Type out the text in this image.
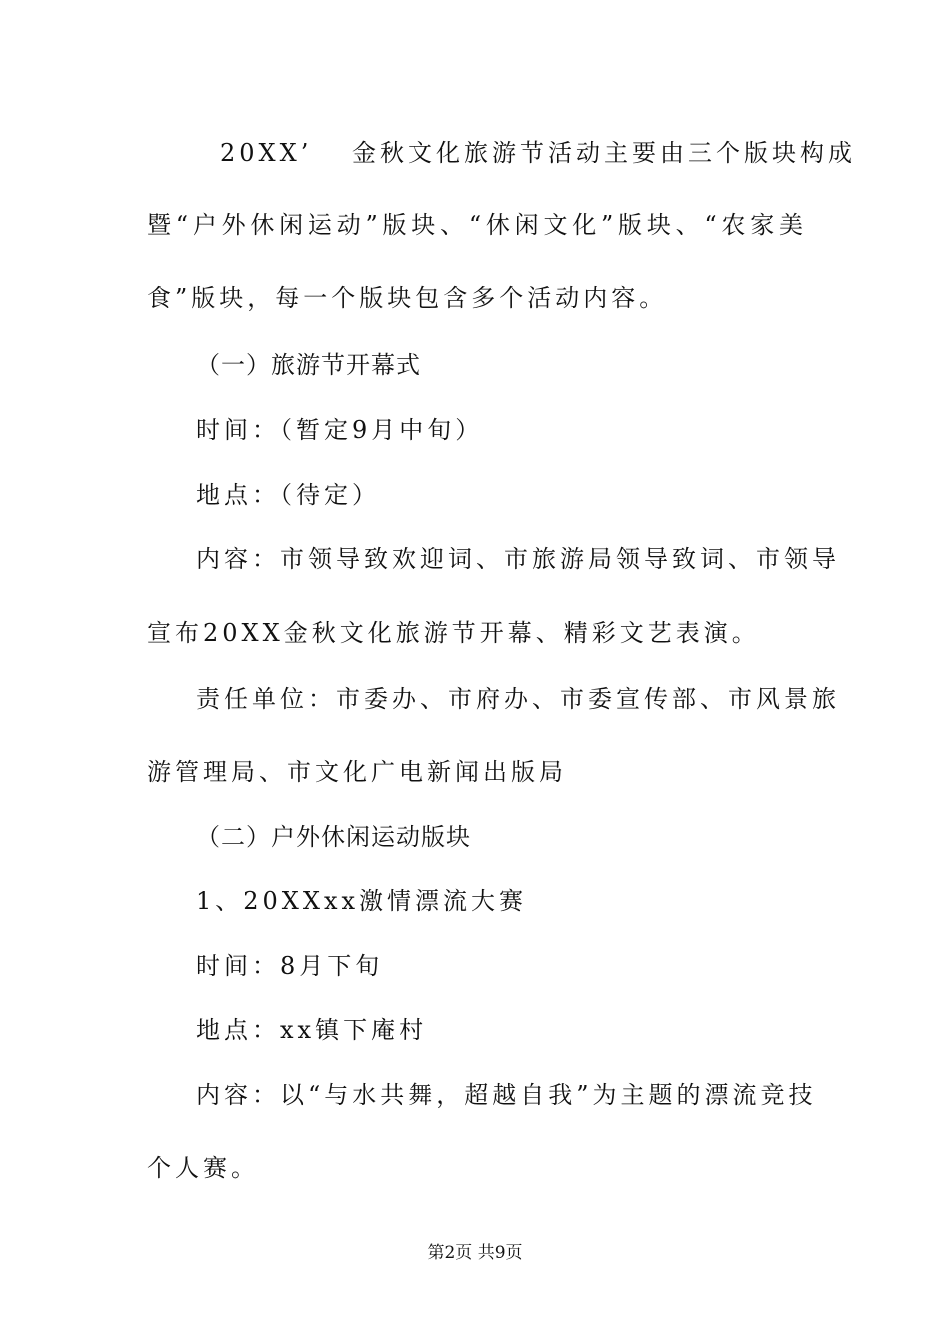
20XX’　 金秋文化旅游节活动主要由三个版块构成
暨“户外休闲运动”版块、“休闲文化”版块、“农家美
食”版块，每一个版块包含多个活动内容。
（一）旅游节开幕式
时间：（暂定9月中旬）
地点：（待定）
内容：市领导致欢迎词、市旅游局领导致词、市领导
宣布20XX金秋文化旅游节开幕、精彩文艺表演。
责任单位：市委办、市府办、市委宣传部、市风景旅
游管理局、市文化广电新闻出版局
（二）户外休闲运动版块
1、20XXxx激情漂流大赛
时间：8月下旬
地点：xx镇下庵村
内容：以“与水共舞，超越自我”为主题的漂流竞技
个人赛。
第2页 共9页
